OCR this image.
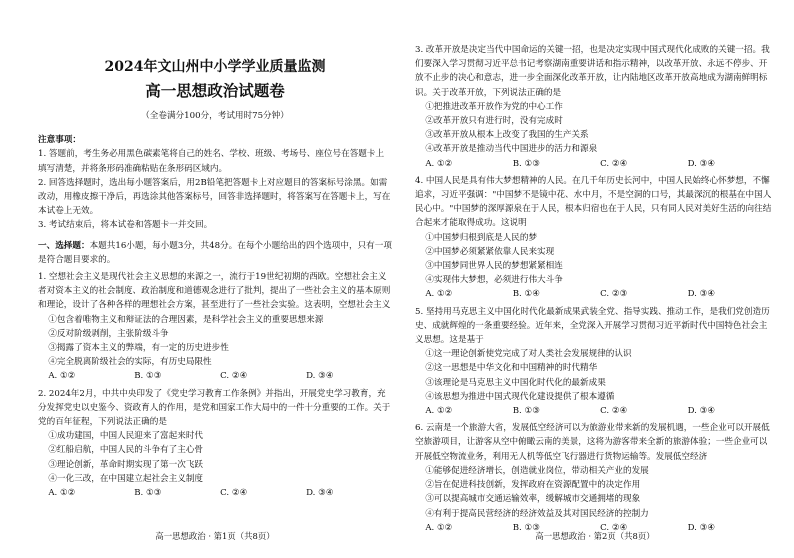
2024年文山州中小学学业质量监测
高一思想政治试题卷
（全卷满分100分，考试用时75分钟）

注意事项：

1. 答题前，考生务必用黑色碳素笔将自己的姓名、学校、班级、考场号、座位号在答题卡上填写清楚，并将条形码准确粘贴在条形码区域内。

2. 回答选择题时，选出每小题答案后，用2B铅笔把答题卡上对应题目的答案标号涂黑。如需改动，用橡皮擦干净后，再选涂其他答案标号，回答非选择题时，将答案写在答题卡上，写在本试卷上无效。

3. 考试结束后，将本试卷和答题卡一并交回。

一、选择题：本题共16小题，每小题3分，共48分。在每个小题给出的四个选项中，只有一项是符合题目要求的。

1. 空想社会主义是现代社会主义思想的来源之一，流行于19世纪初期的西欧。空想社会主义者对资本主义的社会制度、政治制度和道德观念进行了批判，提出了一些社会主义的基本原则和理论，设计了各种各样的理想社会方案，甚至进行了一些社会实验。这表明，空想社会主义

①包含着唯物主义和辩证法的合理因素，是科学社会主义的重要思想来源

②反对阶级剥削，主张阶级斗争

③揭露了资本主义的弊端，有一定的历史进步性

④完全脱离阶级社会的实际，有历史局限性

A. ①②	B. ①③	C. ②④	D. ③④

2. 2024年2月，中共中央印发了《党史学习教育工作条例》并指出，开展党史学习教育，充分发挥党史以史鉴今、资政育人的作用，是党和国家工作大局中的一件十分重要的工作。关于党的百年征程，下列说法正确的是

①成功建国，中国人民迎来了富起来时代

②红船启航，中国人民的斗争有了主心骨

③理论创新，革命时期实现了第一次飞跃

④一化三改，在中国建立起社会主义制度

A. ①②	B. ①③	C. ②④	D. ③④

3. 改革开放是决定当代中国命运的关键一招，也是决定实现中国式现代化成败的关键一招。我们要深入学习贯彻习近平总书记考察湖南重要讲话和指示精神，以改革开放、永远不停步、开放不止步的决心和意志，进一步全面深化改革开放，让内陆地区改革开放高地成为湖南鲜明标识。关于改革开放，下列说法正确的是

①把推进改革开放作为党的中心工作

②改革开放只有进行时，没有完成时

③改革开放从根本上改变了我国的生产关系

④改革开放是推动当代中国进步的活力和源泉

A. ①②	B. ①③	C. ②④	D. ③④

4. 中国人民是具有伟大梦想精神的人民。在几千年历史长河中，中国人民始终心怀梦想，不懈追求，习近平强调："中国梦不是镜中花、水中月，不是空洞的口号，其最深沉的根基在中国人民心中。"中国梦的深厚源泉在于人民，根本归宿也在于人民，只有同人民对美好生活的向往结合起来才能取得成功。这说明

①中国梦归根到底是人民的梦

②中国梦必须紧紧依靠人民来实现

③中国梦同世界人民的梦想紧紧相连

④实现伟大梦想，必须进行伟大斗争

A. ①②	B. ①④	C. ②③	D. ③④

5. 坚持用马克思主义中国化时代化最新成果武装全党、指导实践、推动工作，是我们党创造历史、成就辉煌的一条重要经验。近年来，全党深入开展学习贯彻习近平新时代中国特色社会主义思想。这是基于

①这一理论创新使党完成了对人类社会发展规律的认识

②这一思想是中华文化和中国精神的时代精华

③该理论是马克思主义中国化时代化的最新成果

④该思想为推进中国式现代化建设提供了根本遵循

A. ①②	B. ①③	C. ②④	D. ③④

6. 云南是一个旅游大省，发展低空经济可以为旅游业带来新的发展机遇，一些企业可以开展低空旅游项目，让游客从空中俯瞰云南的美景，这将为游客带来全新的旅游体验；一些企业可以开展低空物流业务，利用无人机等低空飞行器进行货物运输等。发展低空经济

①能够促进经济增长，创造就业岗位，带动相关产业的发展

②旨在促进科技创新，发挥政府在资源配置中的决定作用

③可以提高城市交通运输效率，缓解城市交通拥堵的现象

④有利于提高民营经济的经济效益及其对国民经济的控制力

A. ①②	B. ①③	C. ②④	D. ③④
高一思想政治 · 第1页（共8页）	高一思想政治 · 第2页（共8页）
